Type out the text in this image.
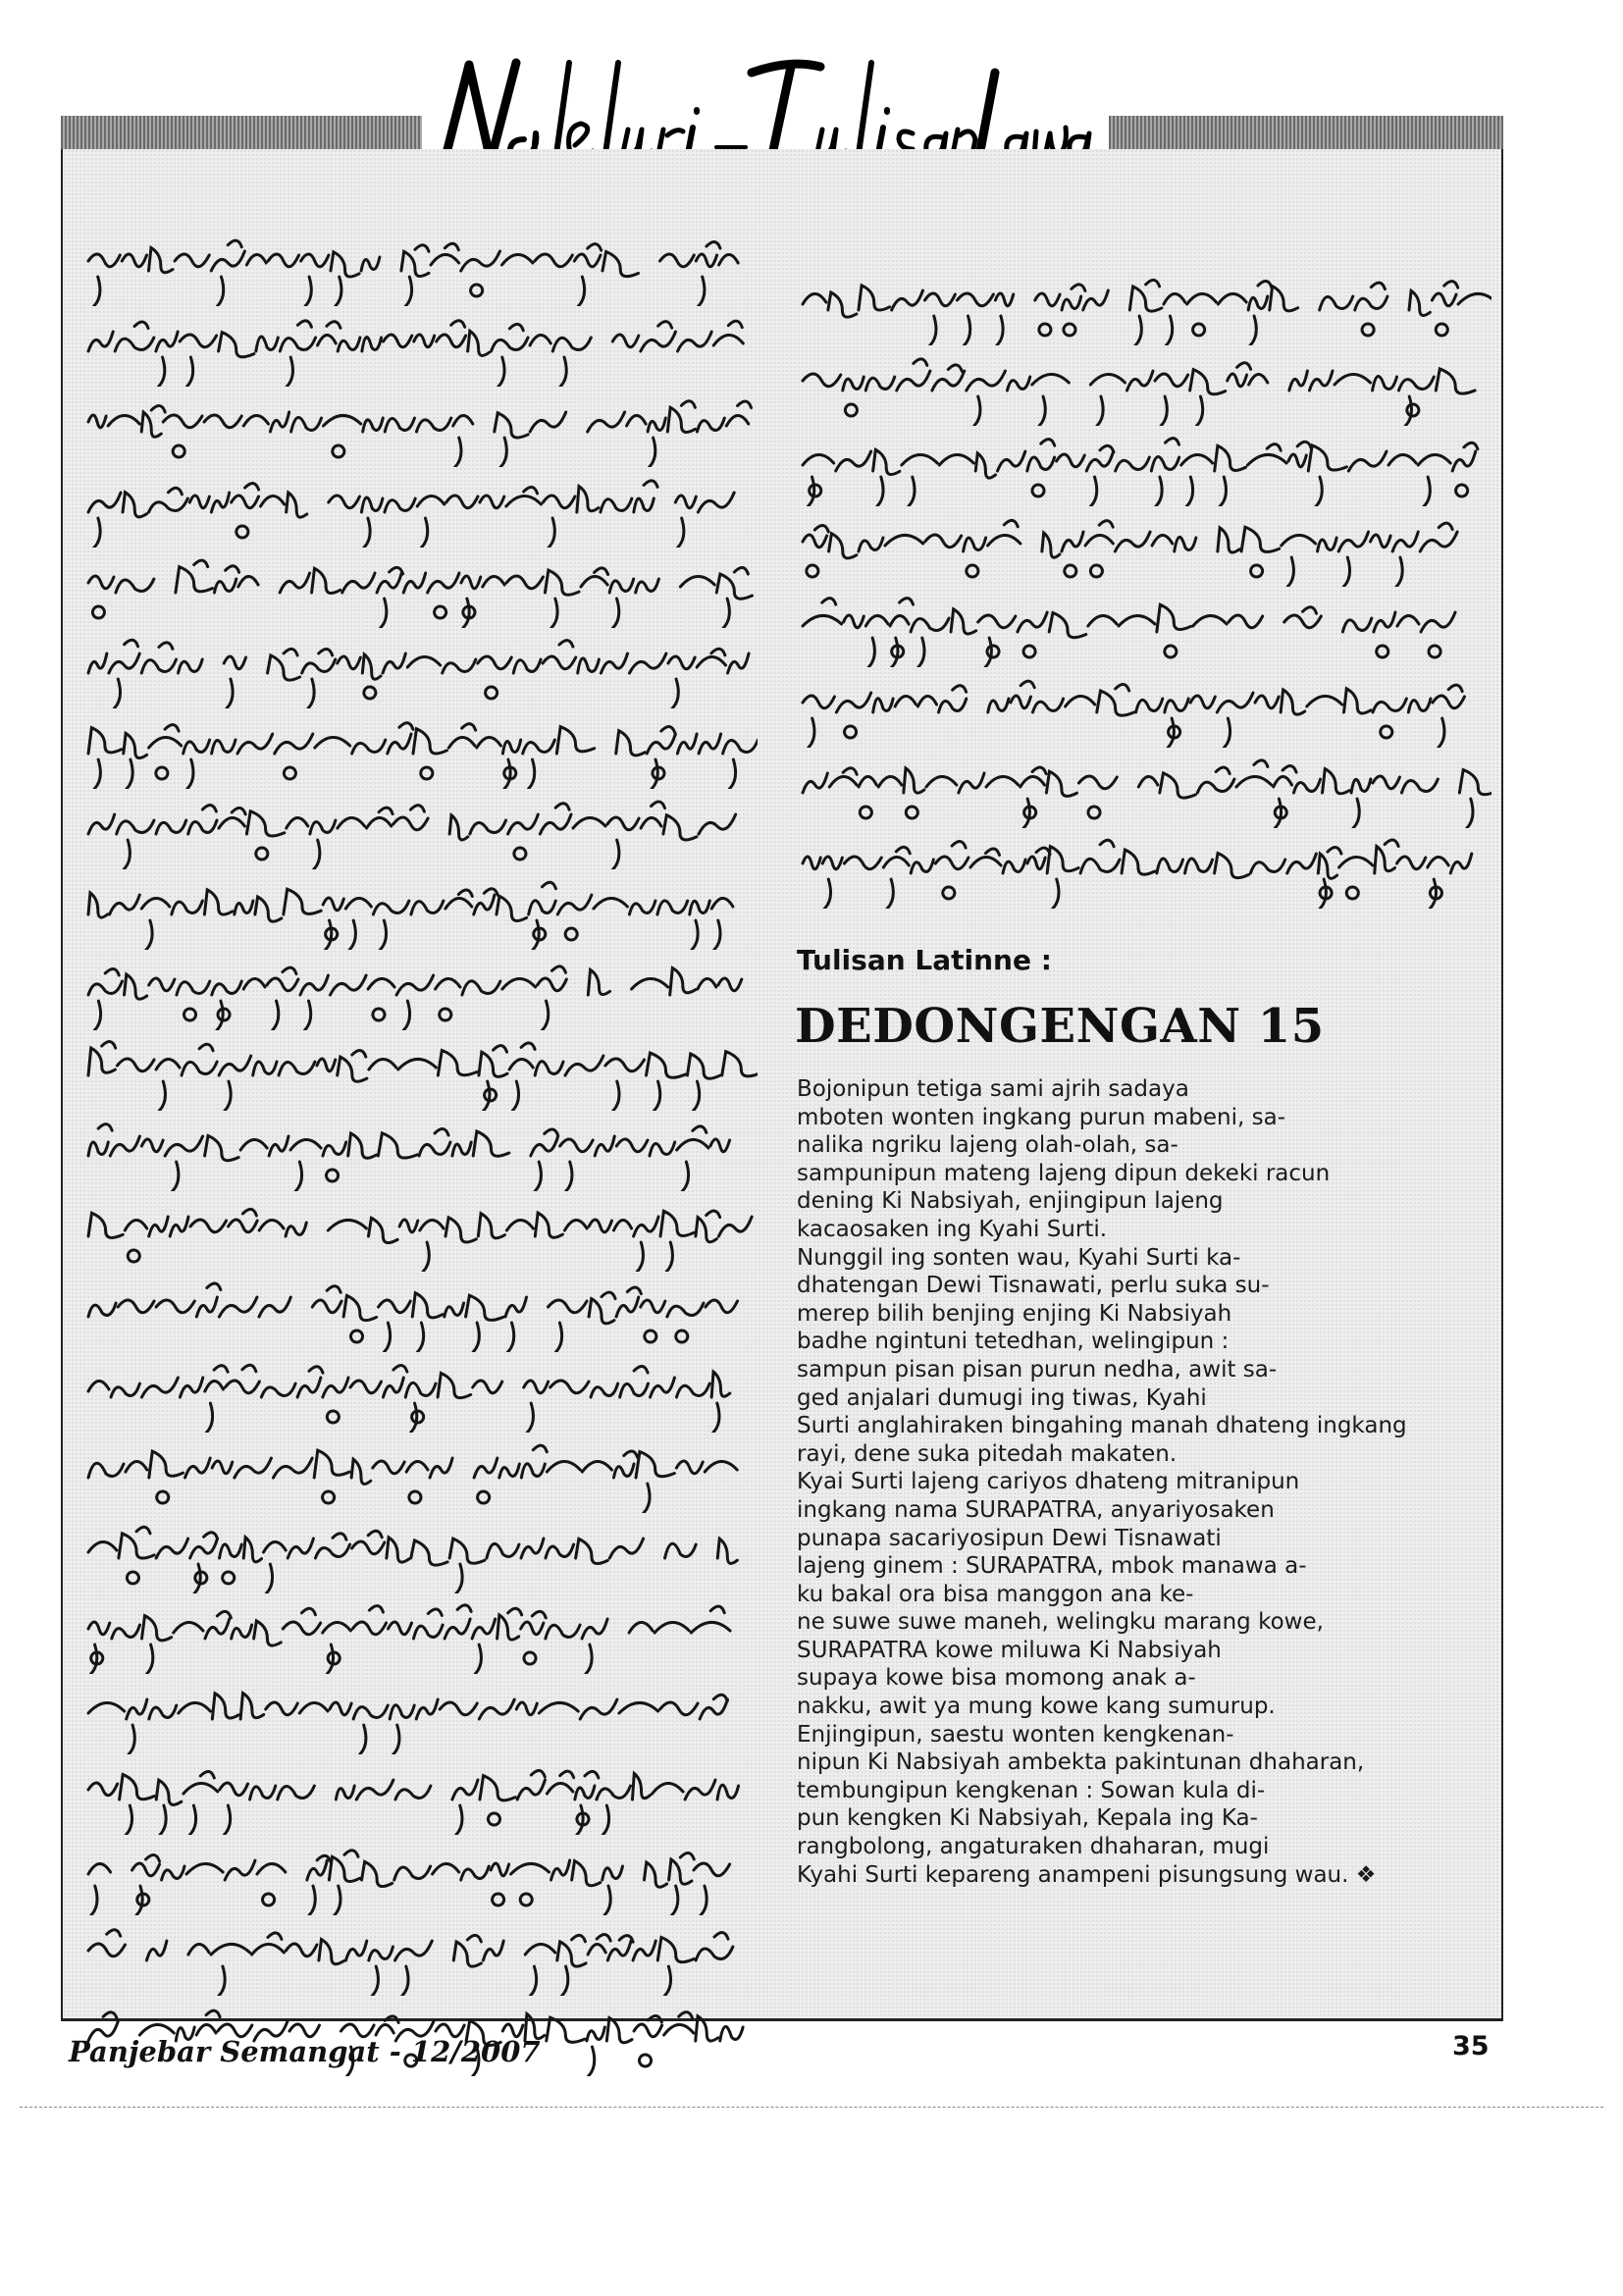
Tulisan Latinne :
DEDONGENGAN 15
Bojonipun tetiga sami ajrih sadaya
mboten wonten ingkang purun mabeni, sa-
nalika ngriku lajeng olah-olah, sa-
sampunipun mateng lajeng dipun dekeki racun
dening Ki Nabsiyah, enjingipun lajeng
kacaosaken ing Kyahi Surti.
Nunggil ing sonten wau, Kyahi Surti ka-
dhatengan Dewi Tisnawati, perlu suka su-
merep bilih benjing enjing Ki Nabsiyah
badhe ngintuni tetedhan, welingipun :
sampun pisan pisan purun nedha, awit sa-
ged anjalari dumugi ing tiwas, Kyahi
Surti anglahiraken bingahing manah dhateng ingkang
rayi, dene suka pitedah makaten.
Kyai Surti lajeng cariyos dhateng mitranipun
ingkang nama SURAPATRA, anyariyosaken
punapa sacariyosipun Dewi Tisnawati
lajeng ginem : SURAPATRA, mbok manawa a-
ku bakal ora bisa manggon ana ke-
ne suwe suwe maneh, welingku marang kowe,
SURAPATRA kowe miluwa Ki Nabsiyah
supaya kowe bisa momong anak a-
nakku, awit ya mung kowe kang sumurup.
Enjingipun, saestu wonten kengkenan-
nipun Ki Nabsiyah ambekta pakintunan dhaharan,
tembungipun kengkenan : Sowan kula di-
pun kengken Ki Nabsiyah, Kepala ing Ka-
rangbolong, angaturaken dhaharan, mugi
Kyahi Surti kepareng anampeni pisungsung wau. ❖
Panjebar Semangat - 12/2007	35
